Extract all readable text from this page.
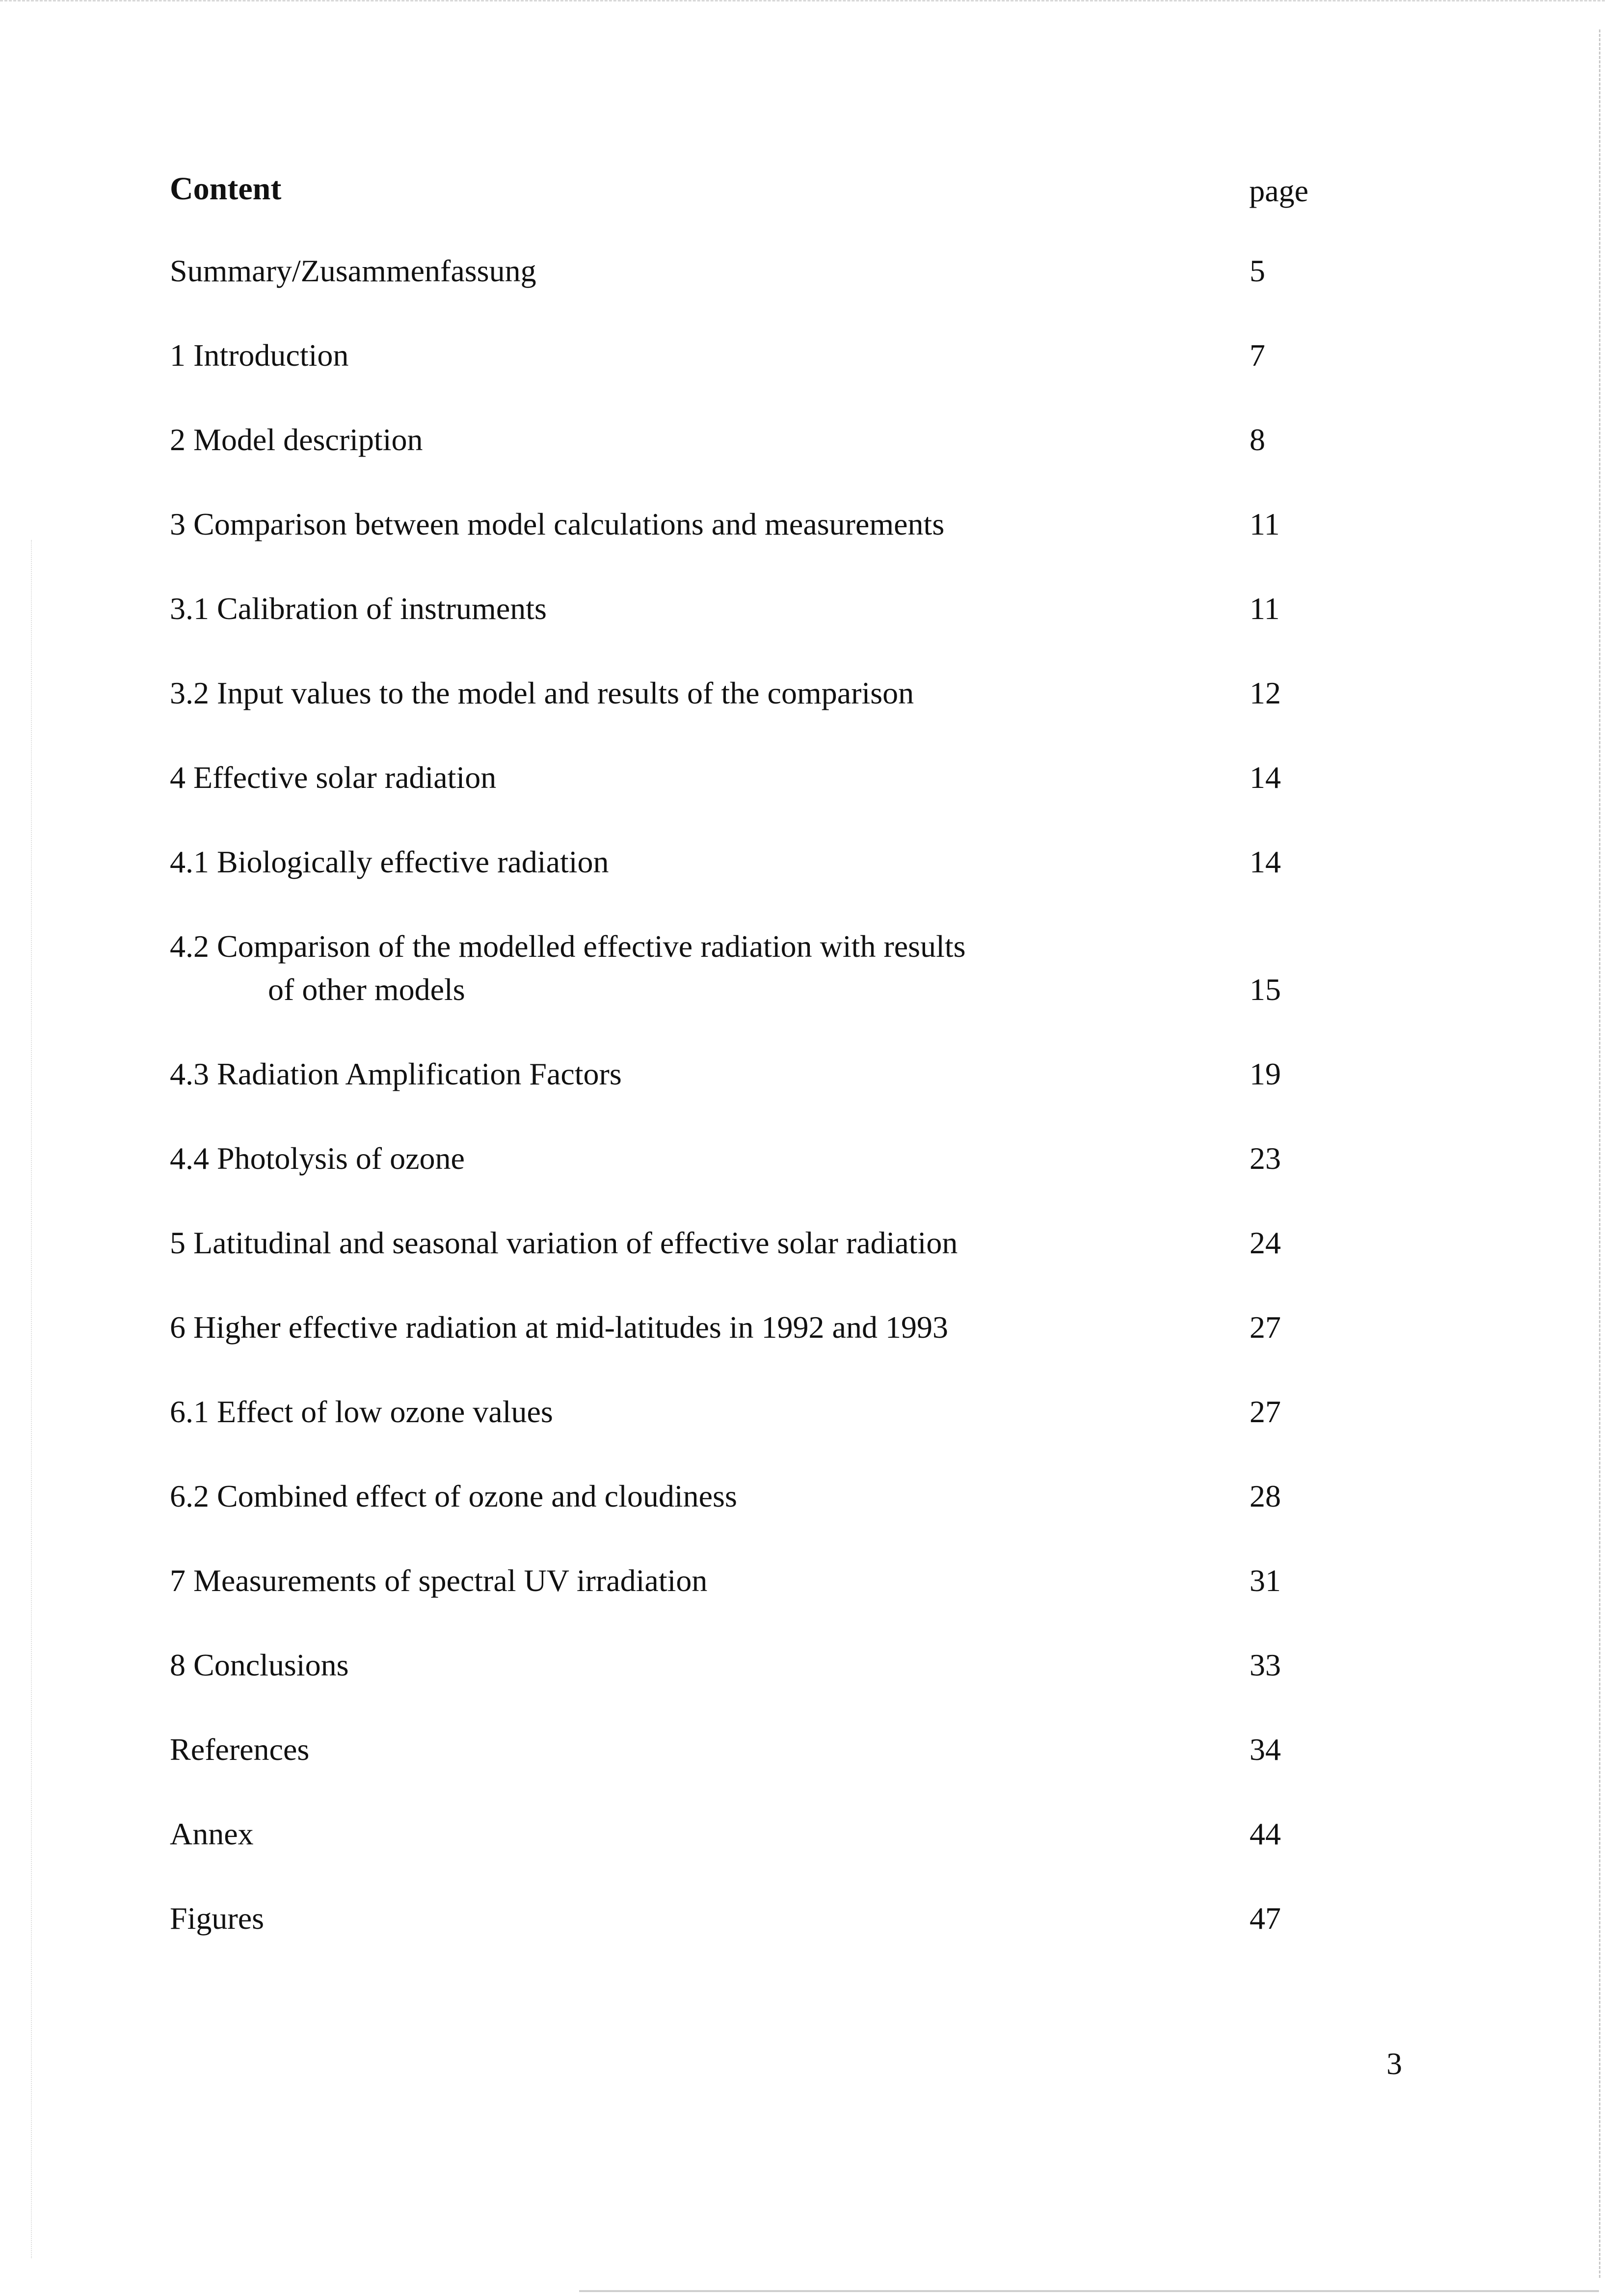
Content	page
Summary/Zusammenfassung	5
1 Introduction	7
2 Model description	8
3 Comparison between model calculations and measurements	11
3.1 Calibration of instruments	11
3.2 Input values to the model and results of the comparison	12
4 Effective solar radiation	14
4.1 Biologically effective radiation	14
4.2 Comparison of the modelled effective radiation with results
of other models	15
4.3 Radiation Amplification Factors	19
4.4 Photolysis of ozone	23
5 Latitudinal and seasonal variation of effective solar radiation	24
6 Higher effective radiation at mid-latitudes in 1992 and 1993	27
6.1 Effect of low ozone values	27
6.2 Combined effect of ozone and cloudiness	28
7 Measurements of spectral UV irradiation	31
8 Conclusions	33
References	34
Annex	44
Figures	47
3
